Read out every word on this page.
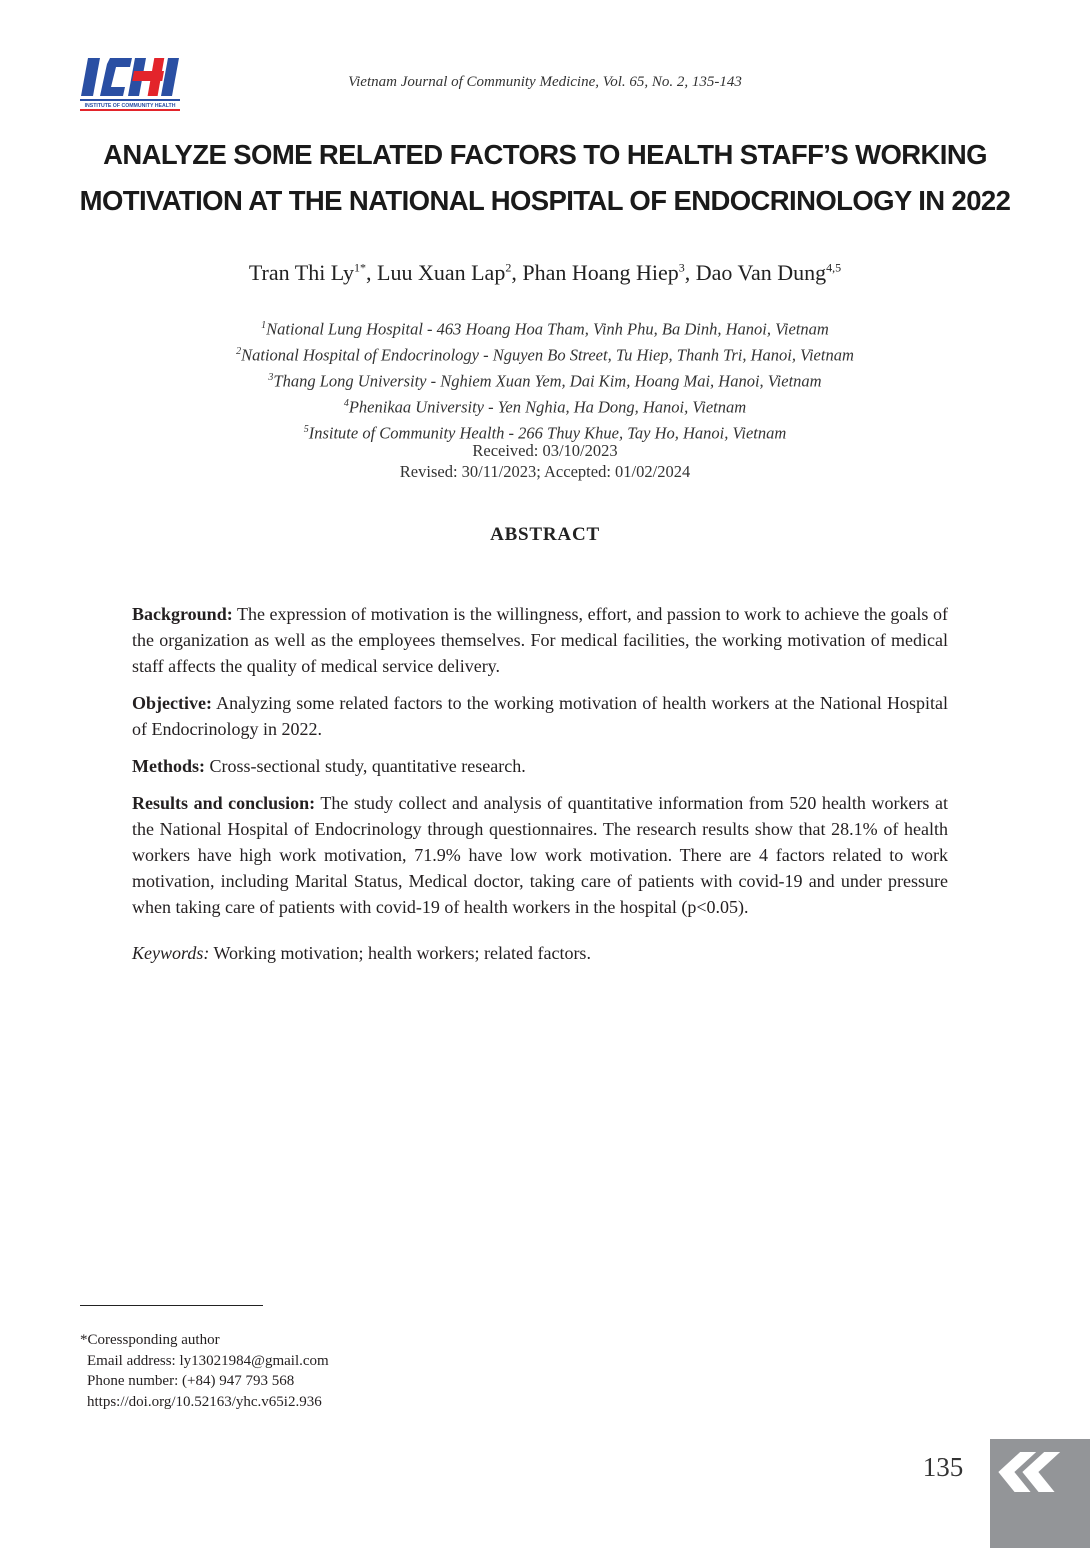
INSTITUTE OF COMMUNITY HEALTH
Vietnam Journal of Community Medicine, Vol. 65, No. 2, 135-143
ANALYZE SOME RELATED FACTORS TO HEALTH STAFF’S WORKING
MOTIVATION AT THE NATIONAL HOSPITAL OF ENDOCRINOLOGY IN 2022
Tran Thi $Ly^{1*}$, Luu Xuan Lap$^2$, Phan Hoang Hiep$^3$, Dao Van Dung$^{4,5}$
$^1$National Lung Hospital - 463 Hoang Hoa Tham, Vinh Phu, Ba Dinh, Hanoi, Vietnam
$^2$National Hospital of Endocrinology - Nguyen Bo Street, Tu Hiep, Thanh Tri, Hanoi, Vietnam
$^3$Thang Long University - Nghiem Xuan Yem, Dai Kim, Hoang Mai, Hanoi, Vietnam
$^4$Phenikaa University - Yen Nghia, Ha Dong, Hanoi, Vietnam
$^5$Insitute of Community Health - 266 Thuy Khue, Tay Ho, Hanoi, Vietnam
Received: 03/10/2023
Revised: 30/11/2023; Accepted: 01/02/2024
ABSTRACT

Background: The expression of motivation is the willingness, effort, and passion to work to achieve the goals of the organization as well as the employees themselves. For medical facilities, the working motivation of medical staff affects the quality of medical service delivery.

Objective: Analyzing some related factors to the working motivation of health workers at the National Hospital of Endocrinology in 2022.

Methods: Cross-sectional study, quantitative research.

Results and conclusion: The study collect and analysis of quantitative information from 520 health workers at the National Hospital of Endocrinology through questionnaires. The research results show that 28.1% of health workers have high work motivation, 71.9% have low work motivation. There are 4 factors related to work motivation, including Marital Status, Medical doctor, taking care of patients with covid-19 and under pressure when taking care of patients with covid-19 of health workers in the hospital (p<0.05).

Keywords: Working motivation; health workers; related factors.

*Coressponding author
Email address: ly13021984@gmail.com
Phone number: (+84) 947 793 568
https://doi.org/10.52163/yhc.v65i2.936
135
